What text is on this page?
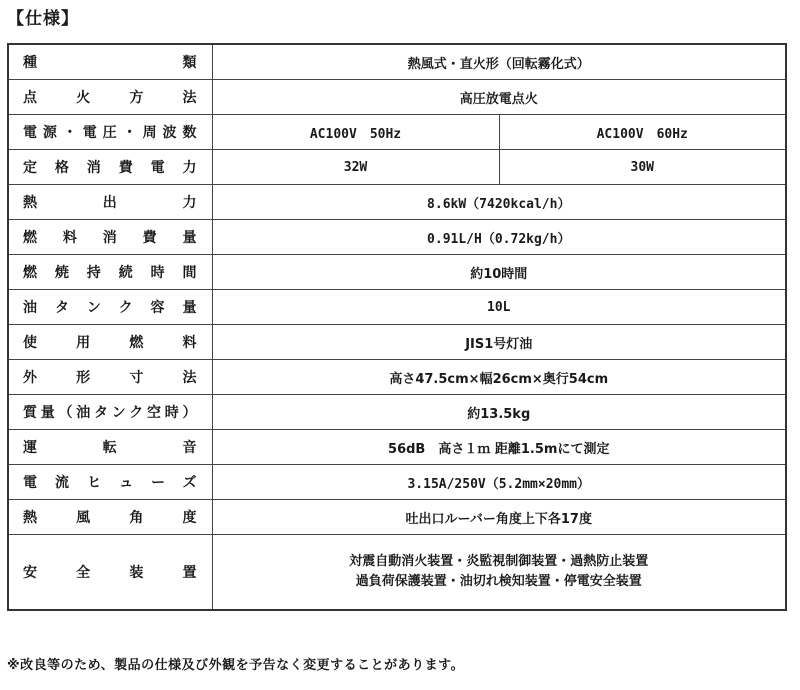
【仕様】
種類	熱風式・直火形（回転霧化式）	
点火方法	高圧放電点火	
電源・電圧・周波数	AC100V　50Hz	AC100V　60Hz
定格消費電力	32W	30W
熱出力	8.6kW（7420kcal/h）	
燃料消費量	0.91L/H（0.72kg/h）	
燃焼持続時間	約10時間	
油タンク容量	10L	
使用燃料	JIS1号灯油	
外形寸法	高さ47.5cm×幅26cm×奥行54cm	
質量（油タンク空時）	約13.5kg	
運転音	56dB　高さ１ｍ 距離1.5mにて測定	
電流ヒューズ	3.15A/250V（5.2mm×20mm）	
熱風角度	吐出口ルーバー角度上下各17度	
安全装置	対震自動消火装置・炎監視制御装置・過熱防止装置
過負荷保護装置・油切れ検知装置・停電安全装置	
※改良等のため、製品の仕様及び外観を予告なく変更することがあります。
